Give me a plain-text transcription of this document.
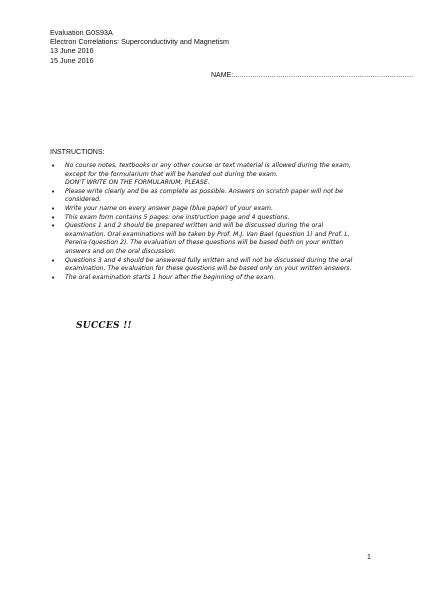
Evaluation G0S93A
Electron Correlations: Superconductivity and Magnetism
13 June 2016
15 June 2016
NAME:....................................................................................
INSTRUCTIONS:
• No course notes, textbooks or any other course or text material is allowed during the exam,
except for the formularium that will be handed out during the exam.
DON'T WRITE ON THE FORMULARIUM, PLEASE.
• Please write clearly and be as complete as possible. Answers on scratch paper will not be
considered.
• Write your name on every answer page (blue paper) of your exam.
• This exam form contains 5 pages: one instruction page and 4 questions.
• Questions 1 and 2 should be prepared written and will be discussed during the oral
examination. Oral examinations will be taken by Prof. M.J. Van Bael (question 1) and Prof. L.
Pereira (question 2). The evaluation of these questions will be based both on your written
answers and on the oral discussion.
• Questions 3 and 4 should be answered fully written and will not be discussed during the oral
examination. The evaluation for these questions will be based only on your written answers.
• The oral examination starts 1 hour after the beginning of the exam.
SUCCES !!
1
